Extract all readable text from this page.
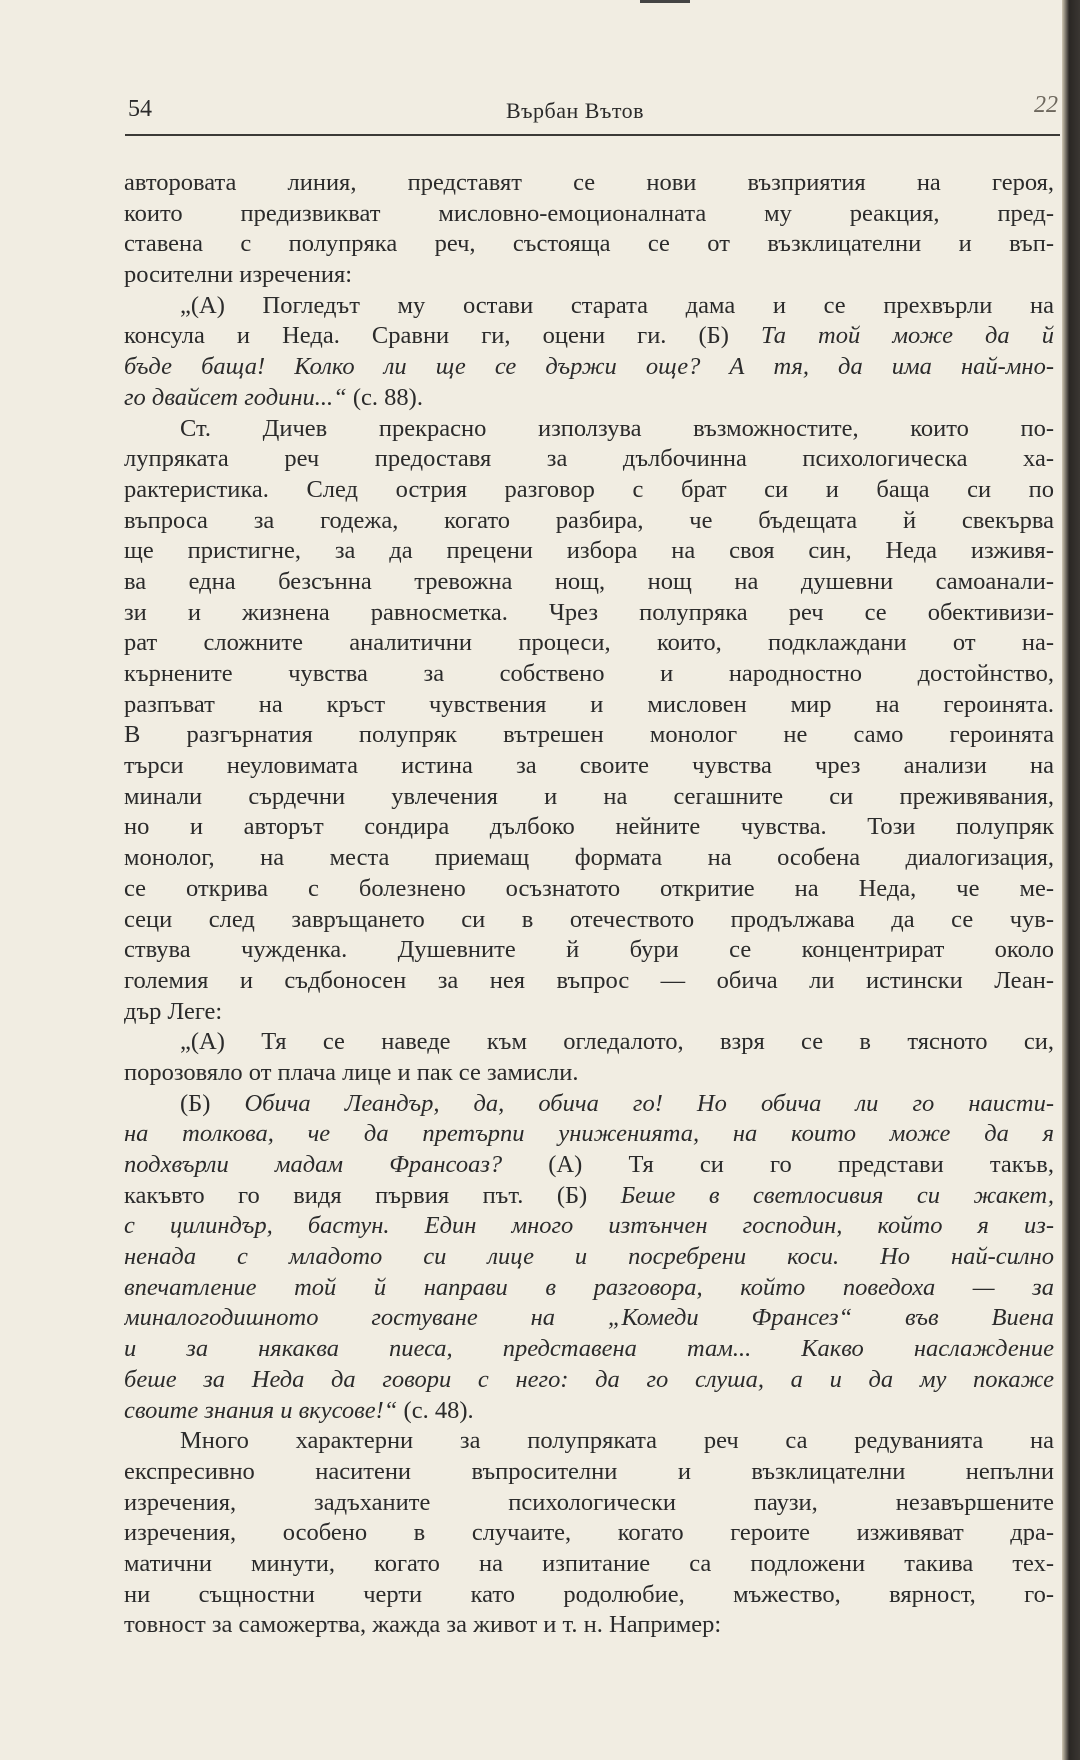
54	Върбан Вътов	22
авторовата линия, представят се нови възприятия на героя,
които предизвикват мисловно-емоционалната му реакция, пред-
ставена с полупряка реч, състояща се от възклицателни и въп-
росителни изречения:
„(А) Погледът му остави старата дама и се прехвърли на
консула и Неда. Сравни ги, оцени ги. (Б) Та той може да й
бъде баща! Колко ли ще се държи още? А тя, да има най-мно-
го двайсет години...“ (с. 88).
Ст. Дичев прекрасно използува възможностите, които по-
лупряката реч предоставя за дълбочинна психологическа ха-
рактеристика. След острия разговор с брат си и баща си по
въпроса за годежа, когато разбира, че бъдещата й свекърва
ще пристигне, за да прецени избора на своя син, Неда изживя-
ва една безсънна тревожна нощ, нощ на душевни самоанали-
зи и жизнена равносметка. Чрез полупряка реч се обективизи-
рат сложните аналитични процеси, които, подклаждани от на-
кърнените чувства за собствено и народностно достойнство,
разпъват на кръст чувствения и мисловен мир на героинята.
В разгърнатия полупряк вътрешен монолог не само героинята
търси неуловимата истина за своите чувства чрез анализи на
минали сърдечни увлечения и на сегашните си преживявания,
но и авторът сондира дълбоко нейните чувства. Този полупряк
монолог, на места приемащ формата на особена диалогизация,
се открива с болезнено осъзнатото откритие на Неда, че ме-
сеци след завръщането си в отечеството продължава да се чув-
ствува чужденка. Душевните й бури се концентрират около
големия и съдбоносен за нея въпрос — обича ли истински Леан-
дър Леге:
„(А) Тя се наведе към огледалото, взря се в тясното си,
порозовяло от плача лице и пак се замисли.
(Б) Обича Леандър, да, обича го! Но обича ли го наисти-
на толкова, че да претърпи униженията, на които може да я
подхвърли мадам Франсоаз? (А) Тя си го представи такъв,
какъвто го видя първия път. (Б) Беше в светлосивия си жакет,
с цилиндър, бастун. Един много изтънчен господин, който я из-
ненада с младото си лице и посребрени коси. Но най-силно
впечатление той й направи в разговора, който поведоха — за
миналогодишното гостуване на „Комеди Франсез“ във Виена
и за някаква пиеса, представена там... Какво наслаждение
беше за Неда да говори с него: да го слуша, а и да му покаже
своите знания и вкусове!“ (с. 48).
Много характерни за полупряката реч са редуванията на
експресивно наситени въпросителни и възклицателни непълни
изречения, задъханите психологически паузи, незавършените
изречения, особено в случаите, когато героите изживяват дра-
матични минути, когато на изпитание са подложени такива тех-
ни същностни черти като родолюбие, мъжество, вярност, го-
товност за саможертва, жажда за живот и т. н. Например:
